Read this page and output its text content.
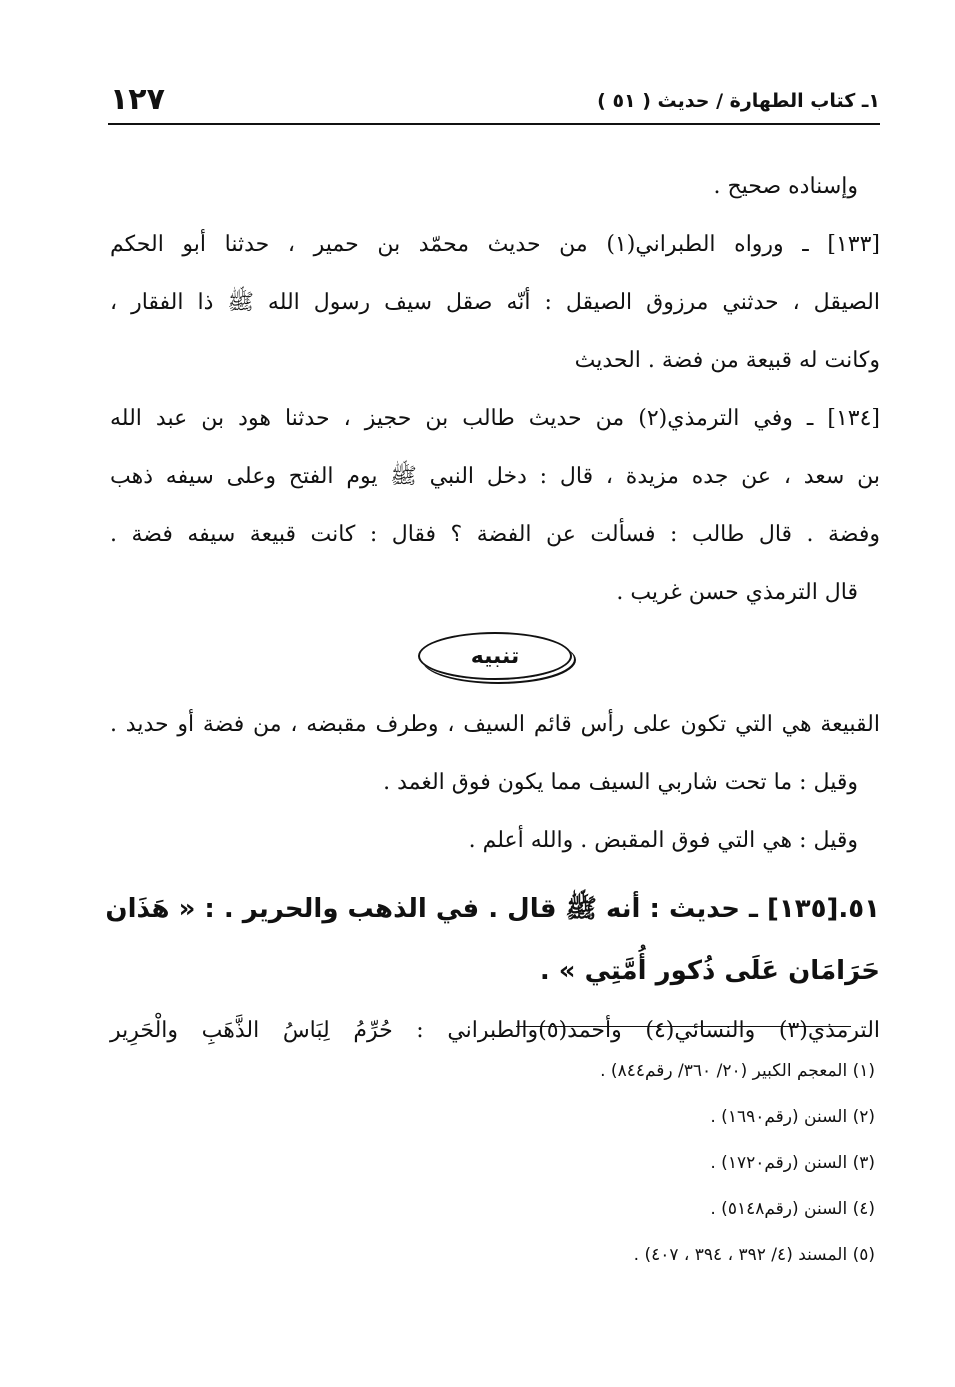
١٢٧	١ـ كتاب الطهارة / حديث ( ٥١ )
وإسناده صحيح .
[١٣٣] ـ ورواه الطبراني(١) من حديث محمّد بن حمير ، حدثنا أبو الحكم
الصيقل ، حدثني مرزوق الصيقل : أنّه صقل سيف رسول الله ﷺ ذا الفقار ،
وكانت له قبيعة من فضة . الحديث
[١٣٤] ـ وفي الترمذي(٢) من حديث طالب بن حجيز ، حدثنا هود بن عبد الله
بن سعد ، عن جده مزيدة ، قال : دخل النبي ﷺ يوم الفتح وعلى سيفه ذهب
وفضة . قال طالب : فسألت عن الفضة ؟ فقال : كانت قبيعة سيفه فضة .
قال الترمذي حسن غريب .
تنبيه
القبيعة هي التي تكون على رأس قائم السيف ، وطرف مقبضه ، من فضة أو حديد .
وقيل : ما تحت شاربي السيف مما يكون فوق الغمد .
وقيل : هي التي فوق المقبض . والله أعلم .
٥١.[١٣٥] ـ حديث : أنه ﷺ قال . في الذهب والحرير . : « هَذَان
حَرَامَان عَلَى ذُكور أُمَّتِي » .
الترمذي(٣) والنسائي(٤) وأحمد(٥)والطبراني : حُرِّمُ لِبَاسُ الذَّهَبِ والْحَرِير
(١) المعجم الكبير (٢٠/ ٣٦٠/ رقم٨٤٤) .
(٢) السنن (رقم١٦٩٠) .
(٣) السنن (رقم١٧٢٠) .
(٤) السنن (رقم٥١٤٨) .
(٥) المسند (٤/ ٣٩٢ ، ٣٩٤ ، ٤٠٧) .
